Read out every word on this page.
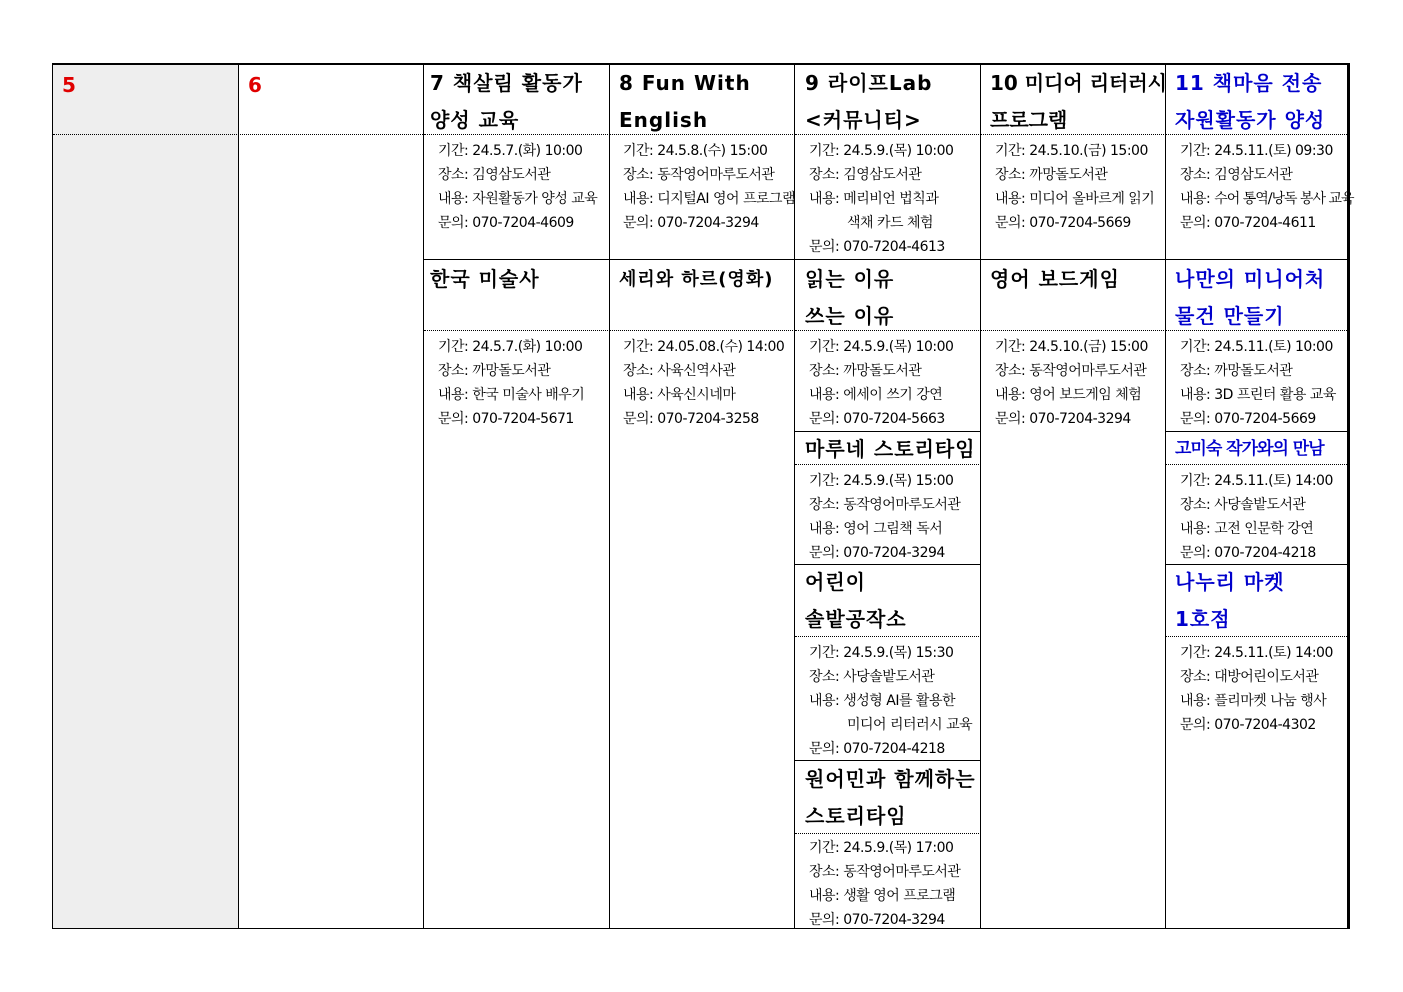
5	6	7 책살림 활동가
양성 교육
기간: 24.5.7.(화) 10:00
장소: 김영삼도서관
내용: 자원활동가 양성 교육
문의: 070-7204-4609
한국 미술사
기간: 24.5.7.(화) 10:00
장소: 까망돌도서관
내용: 한국 미술사 배우기
문의: 070-7204-5671
8 Fun With
English
기간: 24.5.8.(수) 15:00
장소: 동작영어마루도서관
내용: 디지털AI 영어 프로그램
문의: 070-7204-3294
세리와 하르(영화)
기간: 24.05.08.(수) 14:00
장소: 사육신역사관
내용: 사육신시네마
문의: 070-7204-3258
9 라이프Lab
<커뮤니티>
기간: 24.5.9.(목) 10:00
장소: 김영삼도서관
내용: 메리비언 법칙과
색채 카드 체험
문의: 070-7204-4613
읽는 이유
쓰는 이유
기간: 24.5.9.(목) 10:00
장소: 까망돌도서관
내용: 에세이 쓰기 강연
문의: 070-7204-5663
마루네 스토리타임
기간: 24.5.9.(목) 15:00
장소: 동작영어마루도서관
내용: 영어 그림책 독서
문의: 070-7204-3294
어린이
솔밭공작소
기간: 24.5.9.(목) 15:30
장소: 사당솔밭도서관
내용: 생성형 AI를 활용한
미디어 리터러시 교육
문의: 070-7204-4218
원어민과 함께하는
스토리타임
기간: 24.5.9.(목) 17:00
장소: 동작영어마루도서관
내용: 생활 영어 프로그램
문의: 070-7204-3294
10 미디어 리터러시
프로그램
기간: 24.5.10.(금) 15:00
장소: 까망돌도서관
내용: 미디어 올바르게 읽기
문의: 070-7204-5669
영어 보드게임
기간: 24.5.10.(금) 15:00
장소: 동작영어마루도서관
내용: 영어 보드게임 체험
문의: 070-7204-3294
11 책마음 전송
자원활동가 양성
기간: 24.5.11.(토) 09:30
장소: 김영삼도서관
내용: 수어 통역/낭독 봉사 교육
문의: 070-7204-4611
나만의 미니어처
물건 만들기
기간: 24.5.11.(토) 10:00
장소: 까망돌도서관
내용: 3D 프린터 활용 교육
문의: 070-7204-5669
고미숙 작가와의 만남
기간: 24.5.11.(토) 14:00
장소: 사당솔밭도서관
내용: 고전 인문학 강연
문의: 070-7204-4218
나누리 마켓
1호점
기간: 24.5.11.(토) 14:00
장소: 대방어린이도서관
내용: 플리마켓 나눔 행사
문의: 070-7204-4302
